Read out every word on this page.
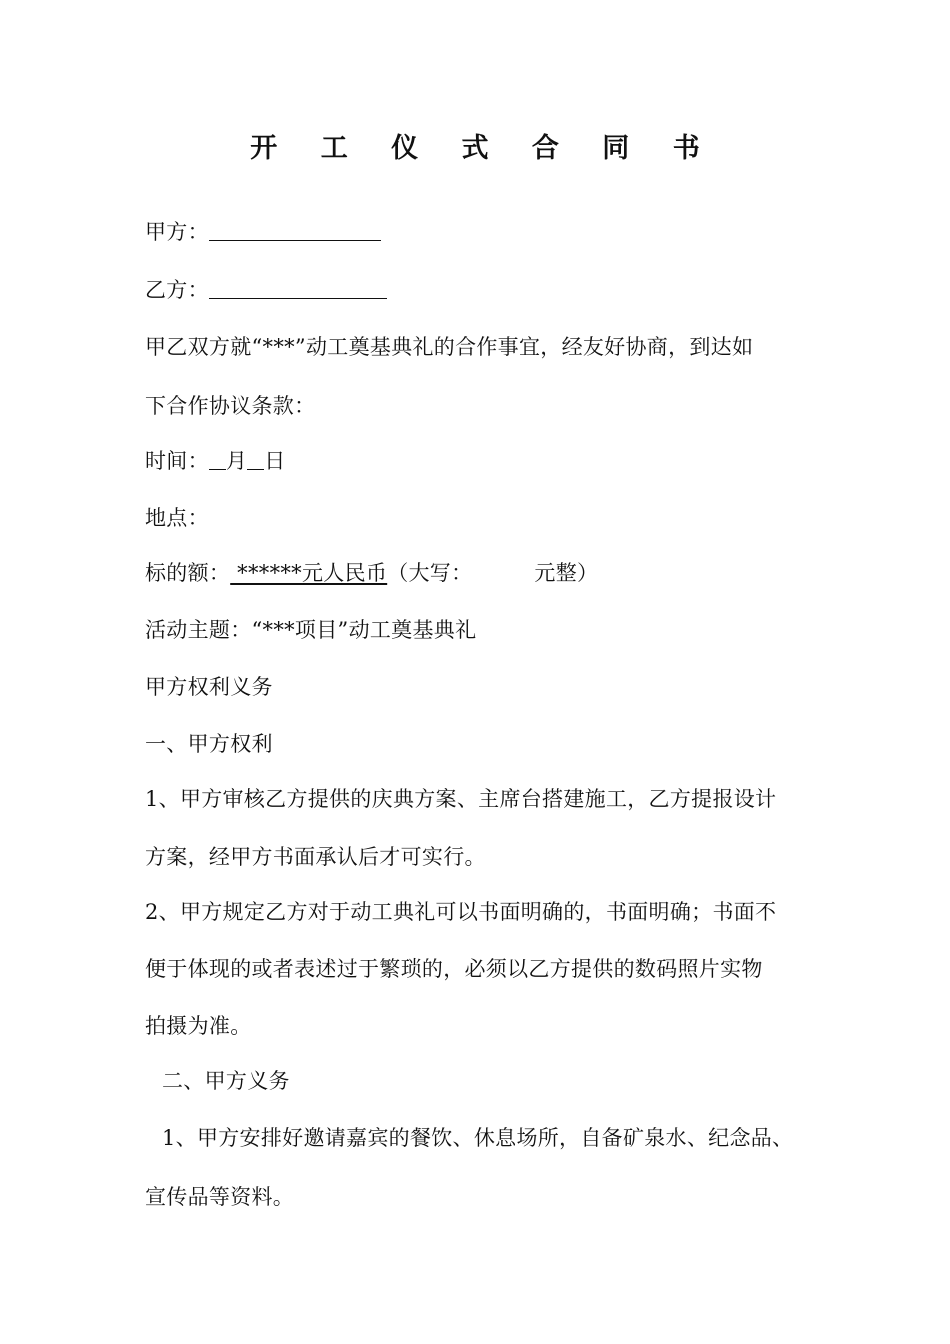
开 工 仪 式 合 同 书
甲方：
乙方：
甲乙双方就“***”动工奠基典礼的合作事宜，经友好协商，到达如
下合作协议条款：
时间： 月 日
地点：
标的额： ******元人民币（大写：	元整）
活动主题：“***项目”动工奠基典礼
甲方权利义务
一、甲方权利
1、甲方审核乙方提供的庆典方案、主席台搭建施工，乙方提报设计
方案，经甲方书面承认后才可实行。
2、甲方规定乙方对于动工典礼可以书面明确的，书面明确；书面不
便于体现的或者表述过于繁琐的，必须以乙方提供的数码照片实物
拍摄为准。
二、甲方义务
1、甲方安排好邀请嘉宾的餐饮、休息场所，自备矿泉水、纪念品、
宣传品等资料。
